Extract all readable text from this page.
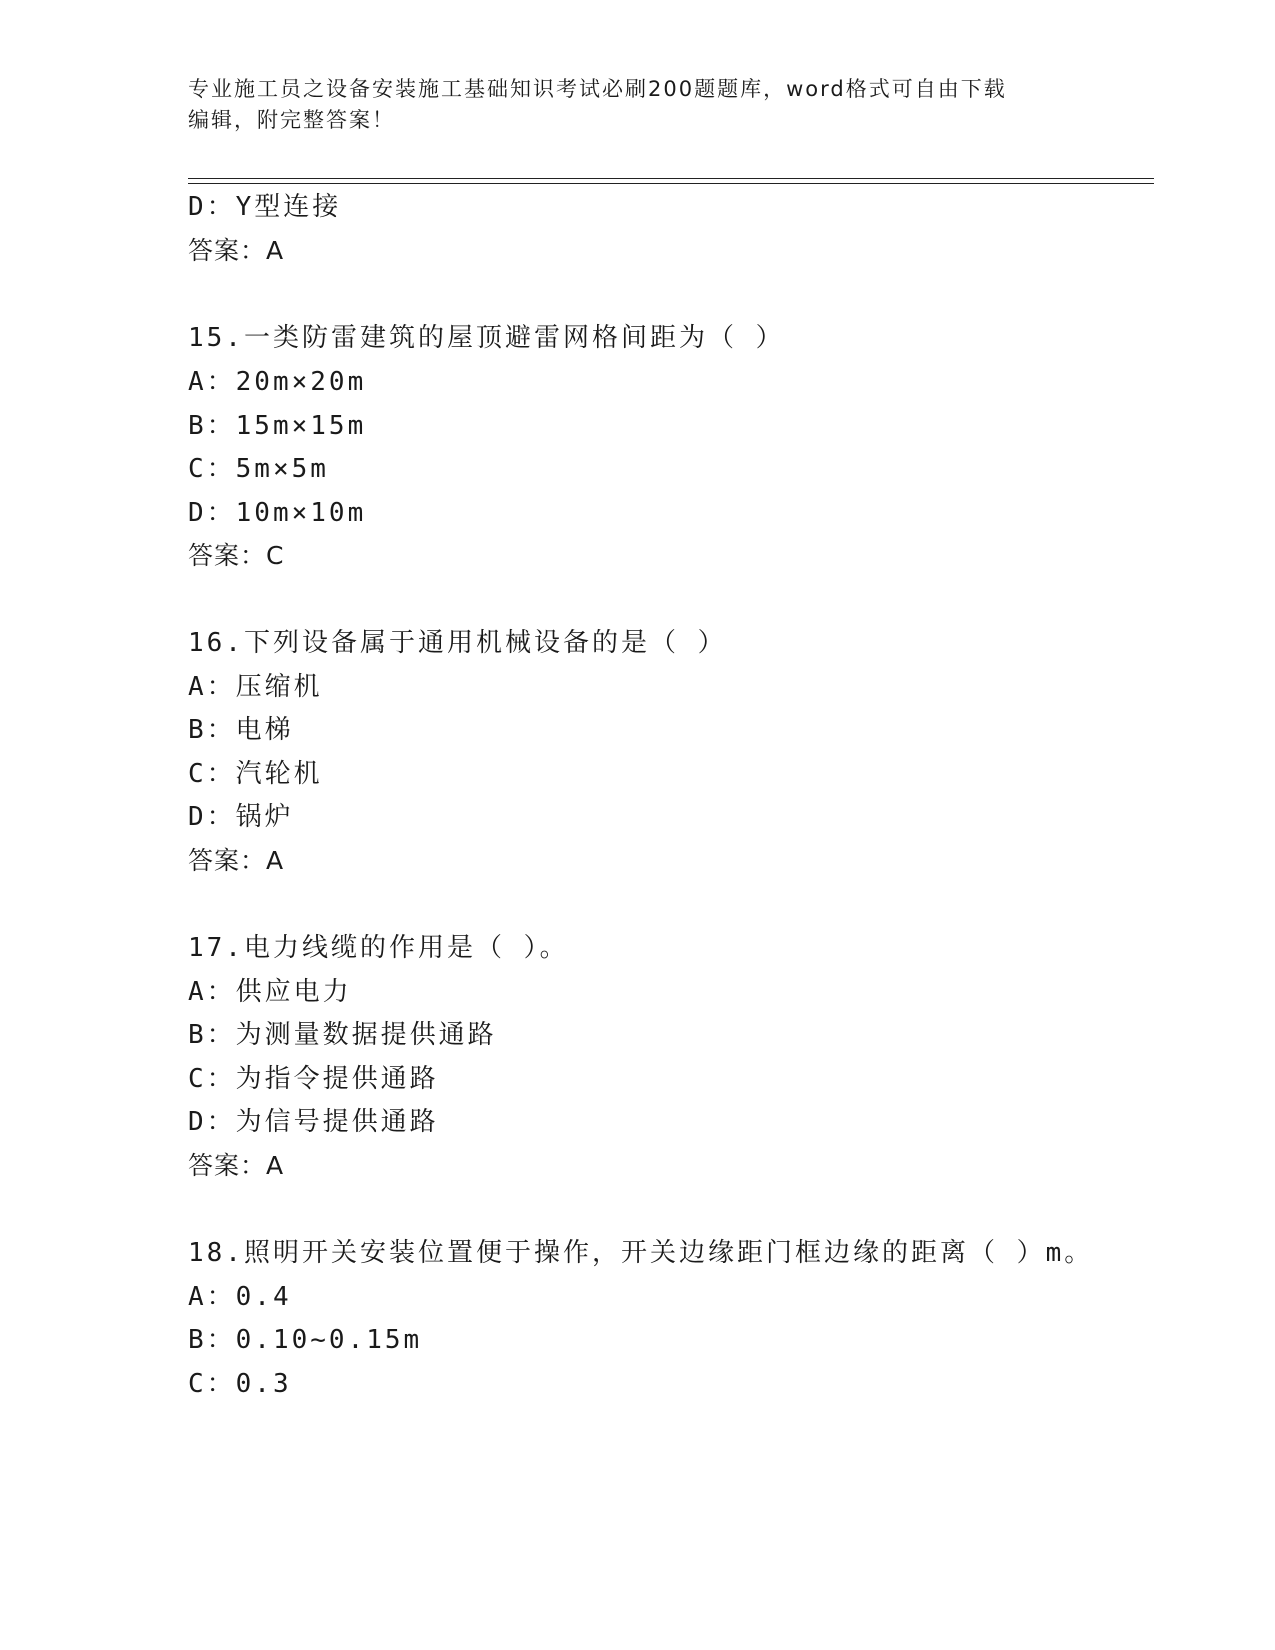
专业施工员之设备安装施工基础知识考试必刷200题题库，word格式可自由下载
编辑，附完整答案！
D：Y型连接
答案：A
15.一类防雷建筑的屋顶避雷网格间距为（ ）
A：20m×20m
B：15m×15m
C：5m×5m
D：10m×10m
答案：C
16.下列设备属于通用机械设备的是（ ）
A：压缩机
B：电梯
C：汽轮机
D：锅炉
答案：A
17.电力线缆的作用是（ ）。
A：供应电力
B：为测量数据提供通路
C：为指令提供通路
D：为信号提供通路
答案：A
18.照明开关安装位置便于操作，开关边缘距门框边缘的距离（ ）m。
A：0.4
B：0.10~0.15m
C：0.3
